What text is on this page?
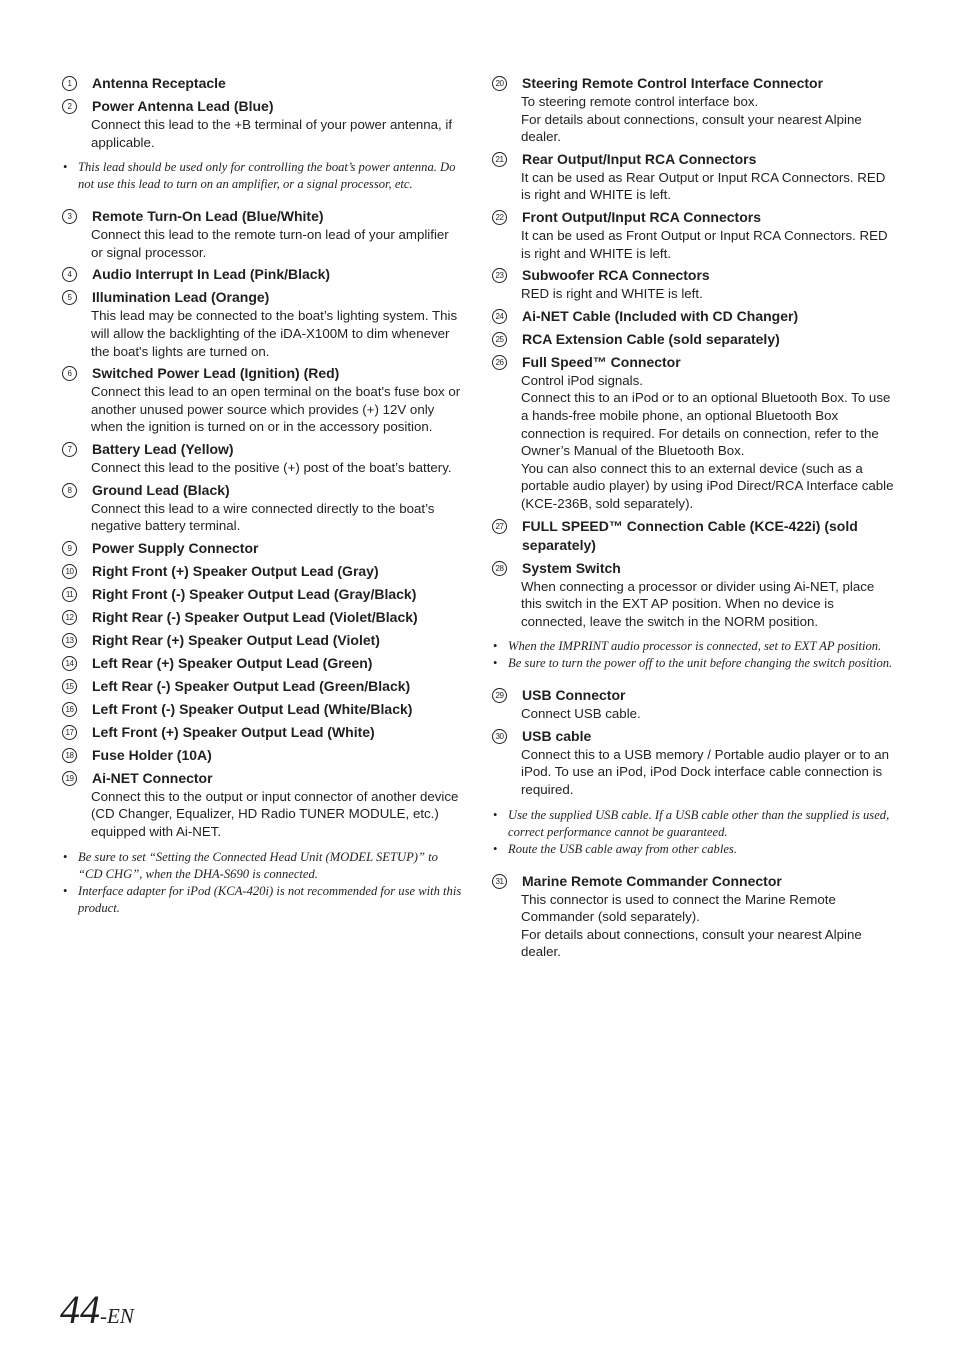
1	Antenna Receptacle
2	Power Antenna Lead (Blue)
Connect this lead to the +B terminal of your power antenna, if applicable.
• This lead should be used only for controlling the boat’s power antenna. Do not use this lead to turn on an amplifier, or a signal processor, etc.
3	Remote Turn-On Lead (Blue/White)
Connect this lead to the remote turn-on lead of your amplifier or signal processor.
4	Audio Interrupt In Lead (Pink/Black)
5	Illumination Lead (Orange)
This lead may be connected to the boat’s lighting system. This will allow the backlighting of the iDA-X100M to dim whenever the boat's lights are turned on.
6	Switched Power Lead (Ignition) (Red)
Connect this lead to an open terminal on the boat's fuse box or another unused power source which provides (+) 12V only when the ignition is turned on or in the accessory position.
7	Battery Lead (Yellow)
Connect this lead to the positive (+) post of the boat’s battery.
8	Ground Lead (Black)
Connect this lead to a wire connected directly to the boat’s negative battery terminal.
9	Power Supply Connector
10 Right Front (+) Speaker Output Lead (Gray)
11 Right Front (-) Speaker Output Lead (Gray/Black)
12 Right Rear (-) Speaker Output Lead (Violet/Black)
13 Right Rear (+) Speaker Output Lead (Violet)
14 Left Rear (+) Speaker Output Lead (Green)
15 Left Rear (-) Speaker Output Lead (Green/Black)
16 Left Front (-) Speaker Output Lead (White/Black)
17 Left Front (+) Speaker Output Lead (White)
18 Fuse Holder (10A)
19 Ai-NET Connector
Connect this to the output or input connector of another device (CD Changer, Equalizer, HD Radio TUNER MODULE, etc.) equipped with Ai-NET.
• Be sure to set “Setting the Connected Head Unit (MODEL SETUP)” to “CD CHG”, when the DHA-S690 is connected.
• Interface adapter for iPod (KCA-420i) is not recommended for use with this product.
20 Steering Remote Control Interface Connector
To steering remote control interface box.
For details about connections, consult your nearest Alpine dealer.
21 Rear Output/Input RCA Connectors
It can be used as Rear Output or Input RCA Connectors. RED is right and WHITE is left.
22 Front Output/Input RCA Connectors
It can be used as Front Output or Input RCA Connectors. RED is right and WHITE is left.
23 Subwoofer RCA Connectors
RED is right and WHITE is left.
24 Ai-NET Cable (Included with CD Changer)
25 RCA Extension Cable (sold separately)
26 Full Speed™ Connector
Control iPod signals.
Connect this to an iPod or to an optional Bluetooth Box. To use a hands-free mobile phone, an optional Bluetooth Box connection is required. For details on connection, refer to the Owner’s Manual of the Bluetooth Box.
You can also connect this to an external device (such as a portable audio player) by using iPod Direct/RCA Interface cable (KCE-236B, sold separately).
27 FULL SPEED™ Connection Cable (KCE-422i) (sold separately)
28 System Switch
When connecting a processor or divider using Ai-NET, place this switch in the EXT AP position. When no device is connected, leave the switch in the NORM position.
• When the IMPRINT audio processor is connected, set to EXT AP position.
• Be sure to turn the power off to the unit before changing the switch position.
29 USB Connector
Connect USB cable.
30 USB cable
Connect this to a USB memory / Portable audio player or to an iPod. To use an iPod, iPod Dock interface cable connection is required.
• Use the supplied USB cable. If a USB cable other than the supplied is used, correct performance cannot be guaranteed.
• Route the USB cable away from other cables.
31 Marine Remote Commander Connector
This connector is used to connect the Marine Remote Commander (sold separately).
For details about connections, consult your nearest Alpine dealer.
44-EN
